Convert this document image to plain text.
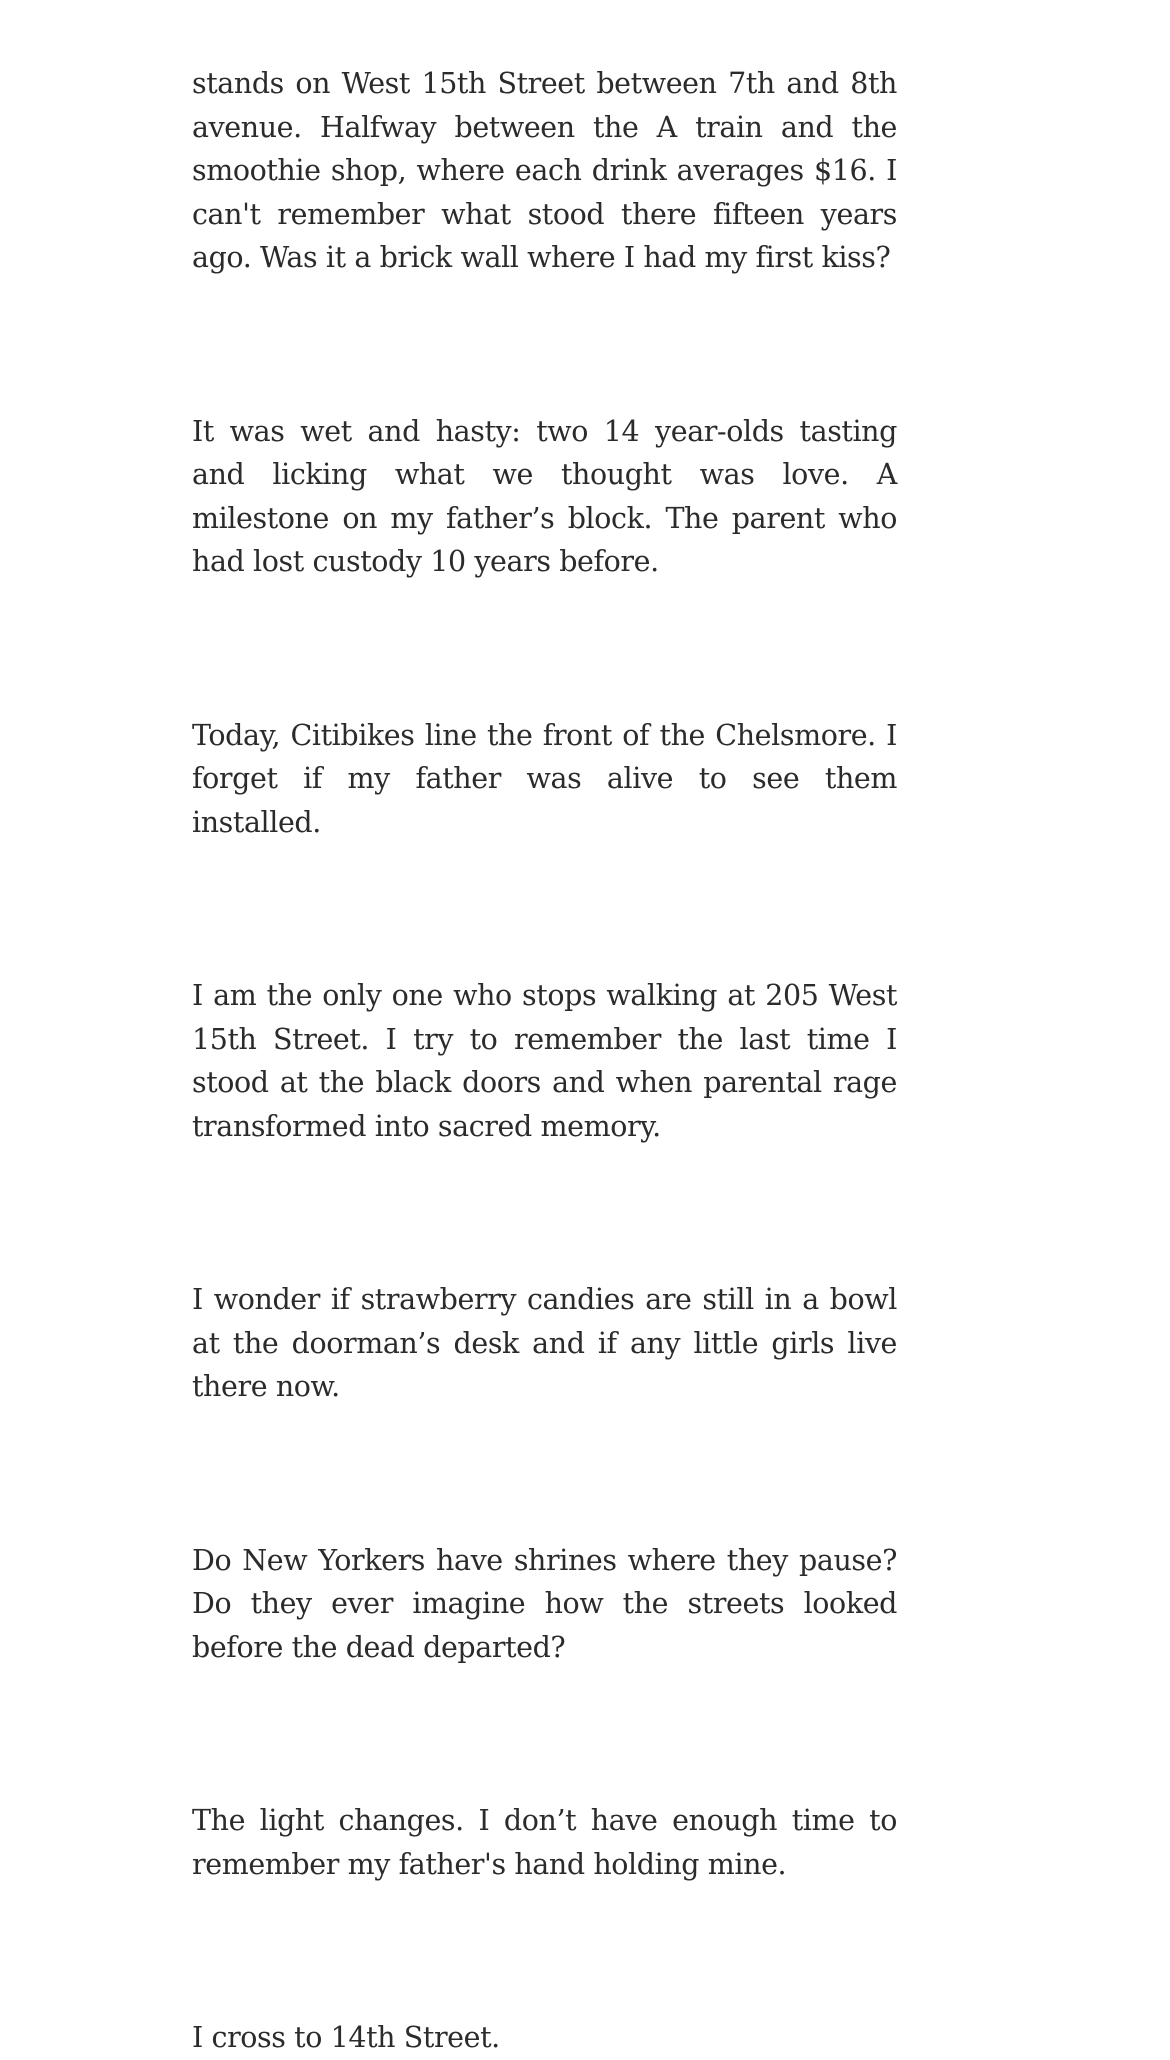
stands on West 15th Street between 7th and 8th avenue. Halfway between the A train and the smoothie shop, where each drink averages $16. I can't remember what stood there fifteen years ago. Was it a brick wall where I had my first kiss?

It was wet and hasty: two 14 year-olds tasting and licking what we thought was love. A milestone on my father’s block. The parent who had lost custody 10 years before.

Today, Citibikes line the front of the Chelsmore. I forget if my father was alive to see them installed.

I am the only one who stops walking at 205 West 15th Street. I try to remember the last time I stood at the black doors and when parental rage transformed into sacred memory.

I wonder if strawberry candies are still in a bowl at the doorman’s desk and if any little girls live there now.

Do New Yorkers have shrines where they pause? Do they ever imagine how the streets looked before the dead departed?

The light changes. I don’t have enough time to remember my father's hand holding mine.

I cross to 14th Street.
